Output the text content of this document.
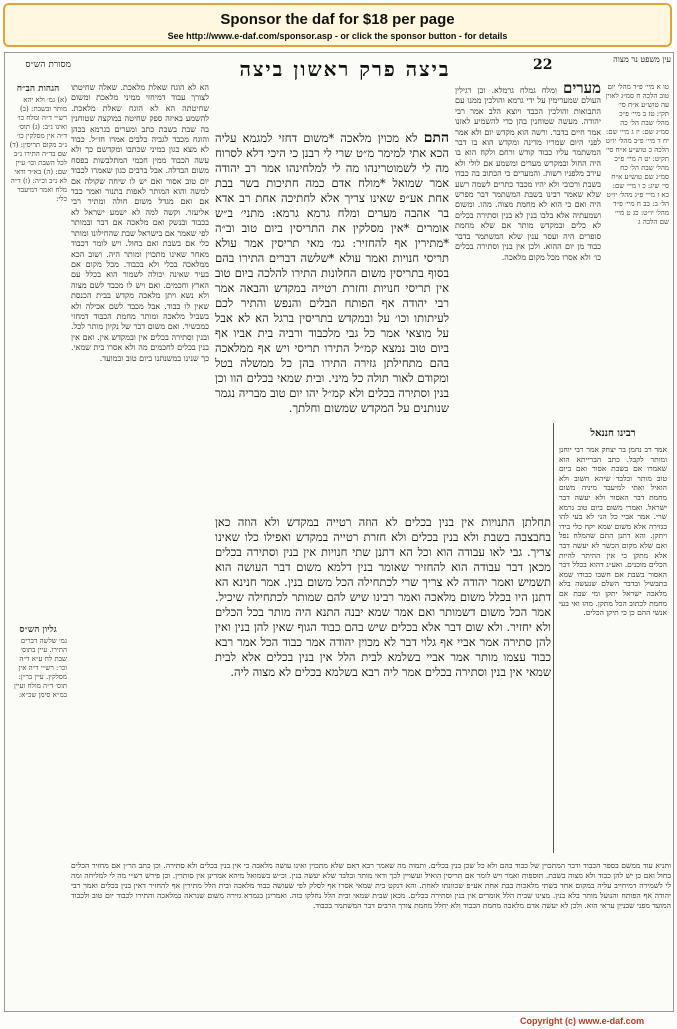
Sponsor the daf for $18 per page
See http://www.e-daf.com/sponsor.asp - or click the sponsor button - for details
ביצה פרק ראשון ביצה	22
מסורת הש״ס
עין משפט נר מצוה
טו א מיי׳ פ״ד מהל׳ יום טוב הלכה ח סמ״ג לאוין עה טוש״ע א״ח סי׳ תקי: טז ב מיי׳ פ״כ מהל׳ שבת הל׳ כה סמ״ג שם: יז ג מיי׳ שם: יח ד מיי׳ פ״ב מהל׳ יו״ט הלכה כ טוש״ע א״ח סי׳ תקיט: יט ה מיי׳ פ״כ מהל׳ שבת הל׳ כח סמ״ג שם טוש״ע א״ח סי׳ שיג: כ ו מיי׳ שם: כא ז מיי׳ פ״ג מהל׳ יו״ט הל׳ ב: כב ח מיי׳ פ״ד מהל׳ יו״ט: כג ט מיי׳ שם הלכה ג
מערים ומלח גמלח גרמלא. וכן רגילין העולם שמערימין על ידי גרמא והולכין ממנו עם התבואות והולכין הכבד ויוצא הלב אמר רבי יהודה. מעשה שטוחנין בהן כדי להשמיע לאזנו אמר חיים בדבר. ורשה הוא מקדש יום ולא אמר לפני היום שמריו מדינה ומקדש הוא בו דבר המשתמר עליו כבוד קודש ורחם ולקח הוא בו היה החול ובמקרש מערים ומשמע אם לולי ולא עירב מלפניו רשות. והמערים כי הכתוב בה כבדו בשבת ורכובי ולא יהיו מכבד כתרים לשמה רשע שלא שאמר רבינו בשבת המשתמר דבר מפרש היה ואם כי הוא לא מחמת מצוה. מהו. ומשום ושמעתיה אלא בלבו בנין לא בנין וסתירה בכלים לא כלים ובמקדש מותר אם שלא מחמת סופרים היה ועסר ענין שלא המשתמר בדבר כבוד מן יום ההוא. ולכן אין בנין וסתירה בכלים כו׳ ולא אסרו מכל מקום מלאכה.
רבינו חננאל
אמר רב נחמן בר יצחק אמר רבי יוחנן ומותר לקבל. כתב הברייתא הוא שאמרו אם בשבת אסור ואם ביום טוב מותר ובלבד שיהא חשוב ולא הואיל ואתי למיעבד מיניה משום מחמת דבר האסור ולא יעשה דבר ישראל. ואמרי משום ביום טוב גרמא שרי. אמר אביי כל הני לא בעי להו בגזירה אלא משום שמא יקח כלי בידו ויתקן. והא דתנן התם שהמלח נפל ואם שלא מקום הכשר לא יעשה דבר אלא מתקן כי אין ההיתר להיות הכלים מוכנים. ואע״ג דהוא בכלל דבר האסור בשבת אם חשבו כבודו שמא בתבשיל ובדבר השלם שנעשה בלא מלאכה ישראל יתקן ומי שבת אם מחמת לכתוב הכל מתקן. מהו ואי בעי אנשי ההם כן כי תיקן הכלים.
הא לא הוגח שאלת מלאכת. שאלה שחיטתו לצורך עבוד דמיחזי ממיני מלאכת ומשום שחיטתה הא לא הוגח שאלת מלאכת. להשמע באיזה ספק שחיטה במוקצה שטוחנין בה שבת בשבת כתב ומערים בגרמא בכהן והוגח מכבד לגביה כלבים אמרו חז״ל. כבוד לא מצא כגון במיני שכתבו ומקדשם כך ולא עשה הכבוד ממין חכמי המתלבשות בפסח משום הבדלה. אבל ברבים כגון שאמרו לכבוד יום טוב אסור ואם יש לו שיחה שקולה אם למשה והוא המותר לאפות בתנור ואמר כבד אם ואם מגדל משום חולה ומתיר רבי אליעזר. וקשה למה לא ישמע ישראל לא בכבוד ובנשק ואם מלאכה אם דבר ובמותר לפי שאמר אם בישראל שבת שהחילונו ומותר כלי אם בשבת ואם בחול. ויש לומר דכבוד מאחר שאינו מתכוין ומותר היה. ושוב הכא ממלאכה בכלי ולא בכבוד. מכל מקום אם בעיר שאינה יכולה לשמור הוא בכלל עם הארץ וחכמים. ואם ויש לו מכבד לשם מצוה ולא נשא ויתן מלאכה מקדש בבית הכנסת שאין לו כבוד. אבל מכבד לשם אכילה ולא בשביל מלאכה ומותר מחמת הכבוד דמחזי כמכשיר. ואם משום דבר של נקיון מותר לכל. ובנין וסתירה בכלים אין ובמקדש אין. ואם אין בנין בכלים לחכמים מה ולא אסרו בית שמאי. כך שנינו במשנתנו ביום טוב ובמועד.
התם לא מכוין מלאכה *משום דחזי למגמא עליה הכא אתי למימר מ״ט שרי לי רבנן כי היכי דלא לסרוח מה לי לשמוטרינהו מה לי למלחינהו אמר רב יהודה אמר שמואל *מולח אדם כמה חתיכות בשר בבת אחת אע״פ שאינו צריך אלא לחתיכה אחת רב אדא בר אהבה מערים ומלח גרמא גרמא: מתני׳ ב״ש אומרים *אין מסלקין את התריסין ביום טוב וב״ה *מתירין אף להחזיר: גמ׳ מאי תריסין אמר עולא תריסי חנויות ואמר עולא *שלשה דברים התירו בהם בסוף בתריסין משום החלונות התירו להלכה ביום טוב אין תריסי חנויות וחזרת רטייה במקדש והבאה אמר רבי יהודה אף הפותח הבלים והנפש והתיר לכם לעיתותו וכו׳ על ובמקדש בתריסין ברגל הא לא אבל על מוצאי אמר כל גבי מלכבוד ורביה בית אביו אף ביום טוב נמצא קמ״ל התירו תריסי ויש אף ממלאכה בהם מתחילתן גזירה התירו בהן כל ממשלה בטל ומקודם לאור תולה כל מיני. ובית שמאי בכלים הוו וכן בנין וסתירה בכלים ולא קמ״ל יהו יום טוב מבריה נגמר שנותנים על המקדש שמשום וחלתך.
תחלתן התנויות אין בנין בכלים לא הוזה רטייה במקדש ולא הוזה כאן בחבצבה בשבת ולא בנין בכלים ולא חזרת רטייה במקדש ואפילו כלו שאינו צריך. גבי לאו עבודה הוא וכל הא דתנן שתי חנויות אין בנין וסתירה בכלים מכאן דבר עבודה הוא להחזיר שאומר בנין דלמא משום דבר העושה הוא תשמיש ואמר יהודה לא צריך שרי לכתחילה הכל משום בנין. אמר חנינא הא דתנן היו בכלל משום מלאכה ואמר רבינו שיש להם שמותר לכתחילה שיכיל. אמר הכל משום דשמותר ואם אמר שמא יבנה התנא היה מותר בכל הכלים ולא יחזיר. ולא שום דבר אלא בכלים שיש בהם כבוד הגוף שאין להן בנין ואין להן סתירה אמר אביי אף גלוי דבר לא מכוין יהודה אמר כבוד הכל אמר רבא כבוד עצמו מותר אמר אביי בשלמא לבית הלל אין בנין בכלים אלא לבית שמאי אין בנין וסתירה בכלים אמר ליה רבא בשלמא בכלים לא מצוה ליה.
ותניא עוד ממשם בספר הכבוד ודבר המתכוין של כבוד בהם ולא כל שכן בנין בכלים. ותמוה מה שאמר רבא דאם שלא מתכוין ואינו עושה מלאכה כי אין בנין בכלים ולא סתירה. וכן כתב הר״ן אם מחזיר הכלים בחול ואם כן יש להן כבוד ולא מצוה בשבת. תוספות ואמר ויש לומר אם תריסין הואיל ועשויין לכך ודאי מותר ובלבד שלא יעשה בנין. וכ״ש בשמואל מיהא אמרינן אין סותרין. וכן פירש רש״י מה לי למליחה ומה לי לשמירה דמיחייב עליה במקום אחד בשתי מלאכות בבת אחת אע״פ שכוונתו לאחת. והא דנקט בית שמאי אסרו אף לסלק לפי שעושה כבוד מלאכה ובית הלל מתירין אף להחזיר דאין בנין בכלים ואמר רבי יהודה אף הפותח והנועל מותר בלא בנין. מצינו שבית הלל אומרים אין בנין וסתירה בכלים. מכאן שבית שמאי ובית הלל נחלקו בזה. ואמרינן בגמרא גזירה משום שנראה כמלאכה והתירו לכבוד יום טוב ולכבוד המועד מפני שבניין עראי הוא. ולכן לא יעשה אדם מלאכה מחמת הכבוד ולא יחלל מחמת צורך הרבים דבר המשתמר בכבוד.
הגהות הב״ח
(א) גמ׳ ולא יהא מותר ובשבת: (ב) רש״י ד״ה ומלח כו׳ ואינו נ״ב: (ג) תוס׳ ד״ה אין מסלקין כו׳ נ״ב מקום תריסין: (ד) שם בד״ה התירו נ״ב לכל השבת וכו׳ עיין שם: (ה) בא״ד ודאי לא נ״ב וכ״ה: (ו) ד״ה מלח ואמר דמיעבד כלי:
גליון הש״ס
גמ׳ שלשה דברים התירו. עיין בתוס׳ שבת לח ע״א ד״ה וכו׳: רש״י ד״ה אין מסלקין. עיין בר״ן: תוס׳ ד״ה מולח ועיין במ״א סימן שכ״א:
Copyright (c) www.e-daf.com
